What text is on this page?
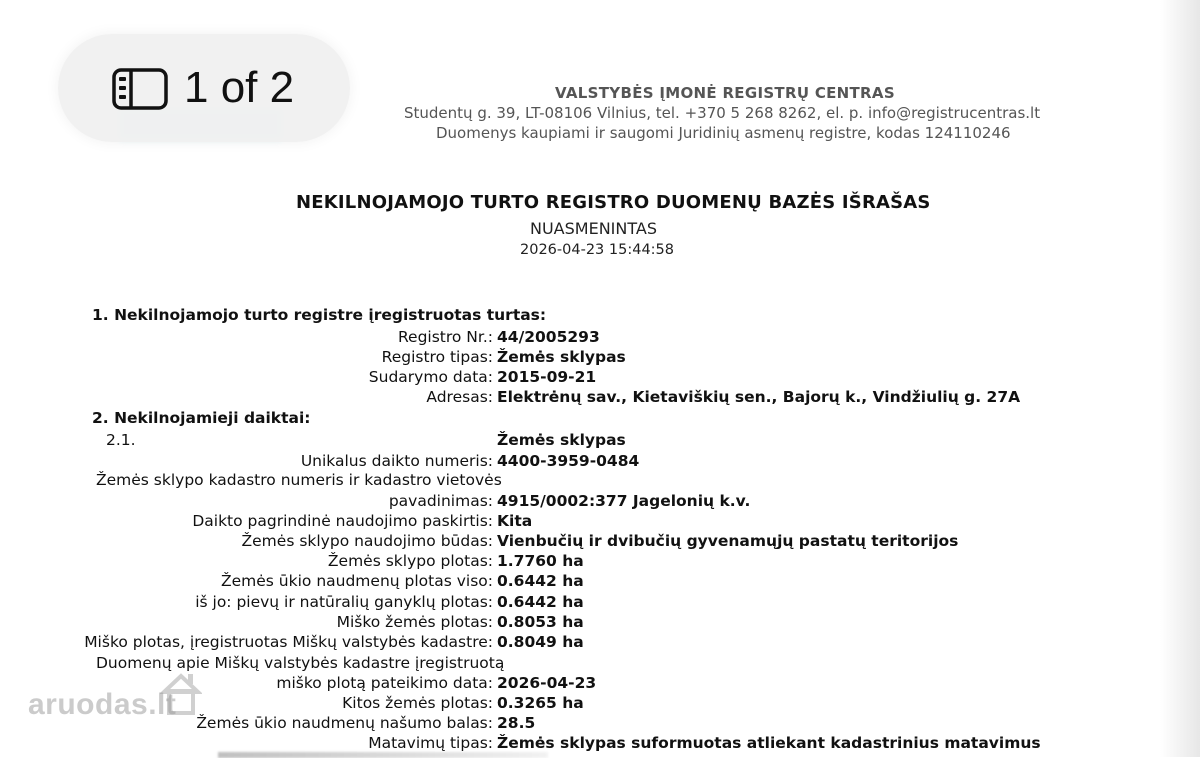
1 of 2	VALSTYBĖS ĮMONĖ REGISTRŲ CENTRAS
Studentų g. 39, LT-08106 Vilnius, tel. +370 5 268 8262, el. p. info@registrucentras.lt
Duomenys kaupiami ir saugomi Juridinių asmenų registre, kodas 124110246
NEKILNOJAMOJO TURTO REGISTRO DUOMENŲ BAZĖS IŠRAŠAS
NUASMENINTAS
2026-04-23 15:44:58
1. Nekilnojamojo turto registre įregistruotas turtas:
Registro Nr.: 44/2005293
Registro tipas: Žemės sklypas
Sudarymo data: 2015-09-21
Adresas: Elektrėnų sav., Kietaviškių sen., Bajorų k., Vindžiulių g. 27A
2. Nekilnojamieji daiktai:
2.1.	Žemės sklypas
Unikalus daikto numeris: 4400-3959-0484
Žemės sklypo kadastro numeris ir kadastro vietovės
pavadinimas: 4915/0002:377 Jagelonių k.v.
Daikto pagrindinė naudojimo paskirtis: Kita
Žemės sklypo naudojimo būdas: Vienbučių ir dvibučių gyvenamųjų pastatų teritorijos
Žemės sklypo plotas: 1.7760 ha
Žemės ūkio naudmenų plotas viso: 0.6442 ha
iš jo: pievų ir natūralių ganyklų plotas: 0.6442 ha
Miško žemės plotas: 0.8053 ha
Miško plotas, įregistruotas Miškų valstybės kadastre: 0.8049 ha
Duomenų apie Miškų valstybės kadastre įregistruotą
miško plotą pateikimo data: 2026-04-23
Kitos žemės plotas: 0.3265 ha
Žemės ūkio naudmenų našumo balas: 28.5
Matavimų tipas: Žemės sklypas suformuotas atliekant kadastrinius matavimus
aruodas.lt
